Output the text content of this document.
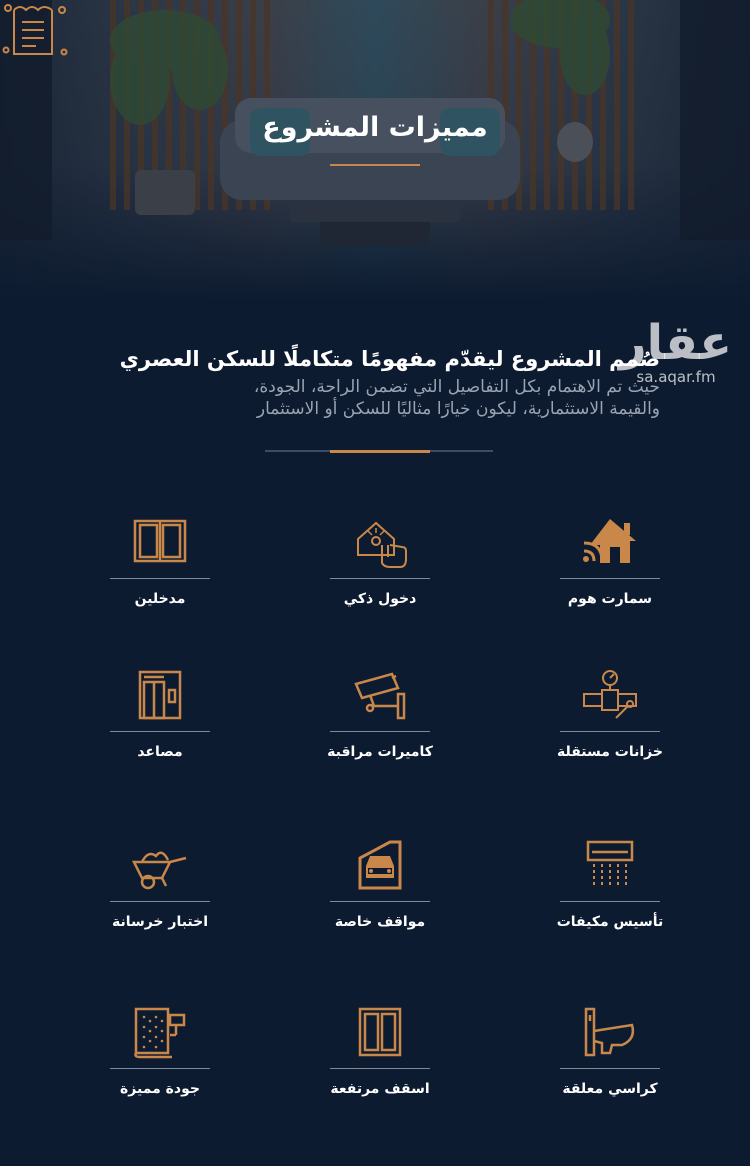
مميزات المشروع
عقار
sa.aqar.fm
صُمم المشروع ليقدّم مفهومًا متكاملًا للسكن العصري
حيث تم الاهتمام بكل التفاصيل التي تضمن الراحة، الجودة،
والقيمة الاستثمارية، ليكون خيارًا مثاليًا للسكن أو الاستثمار
سمارت هوم
دخول ذكي
مدخلين
خزانات مستقلة
كاميرات مراقبة
مصاعد
تأسيس مكيفات
مواقف خاصة
اختبار خرسانة
كراسي معلقة
اسقف مرتفعة
جودة مميزة
